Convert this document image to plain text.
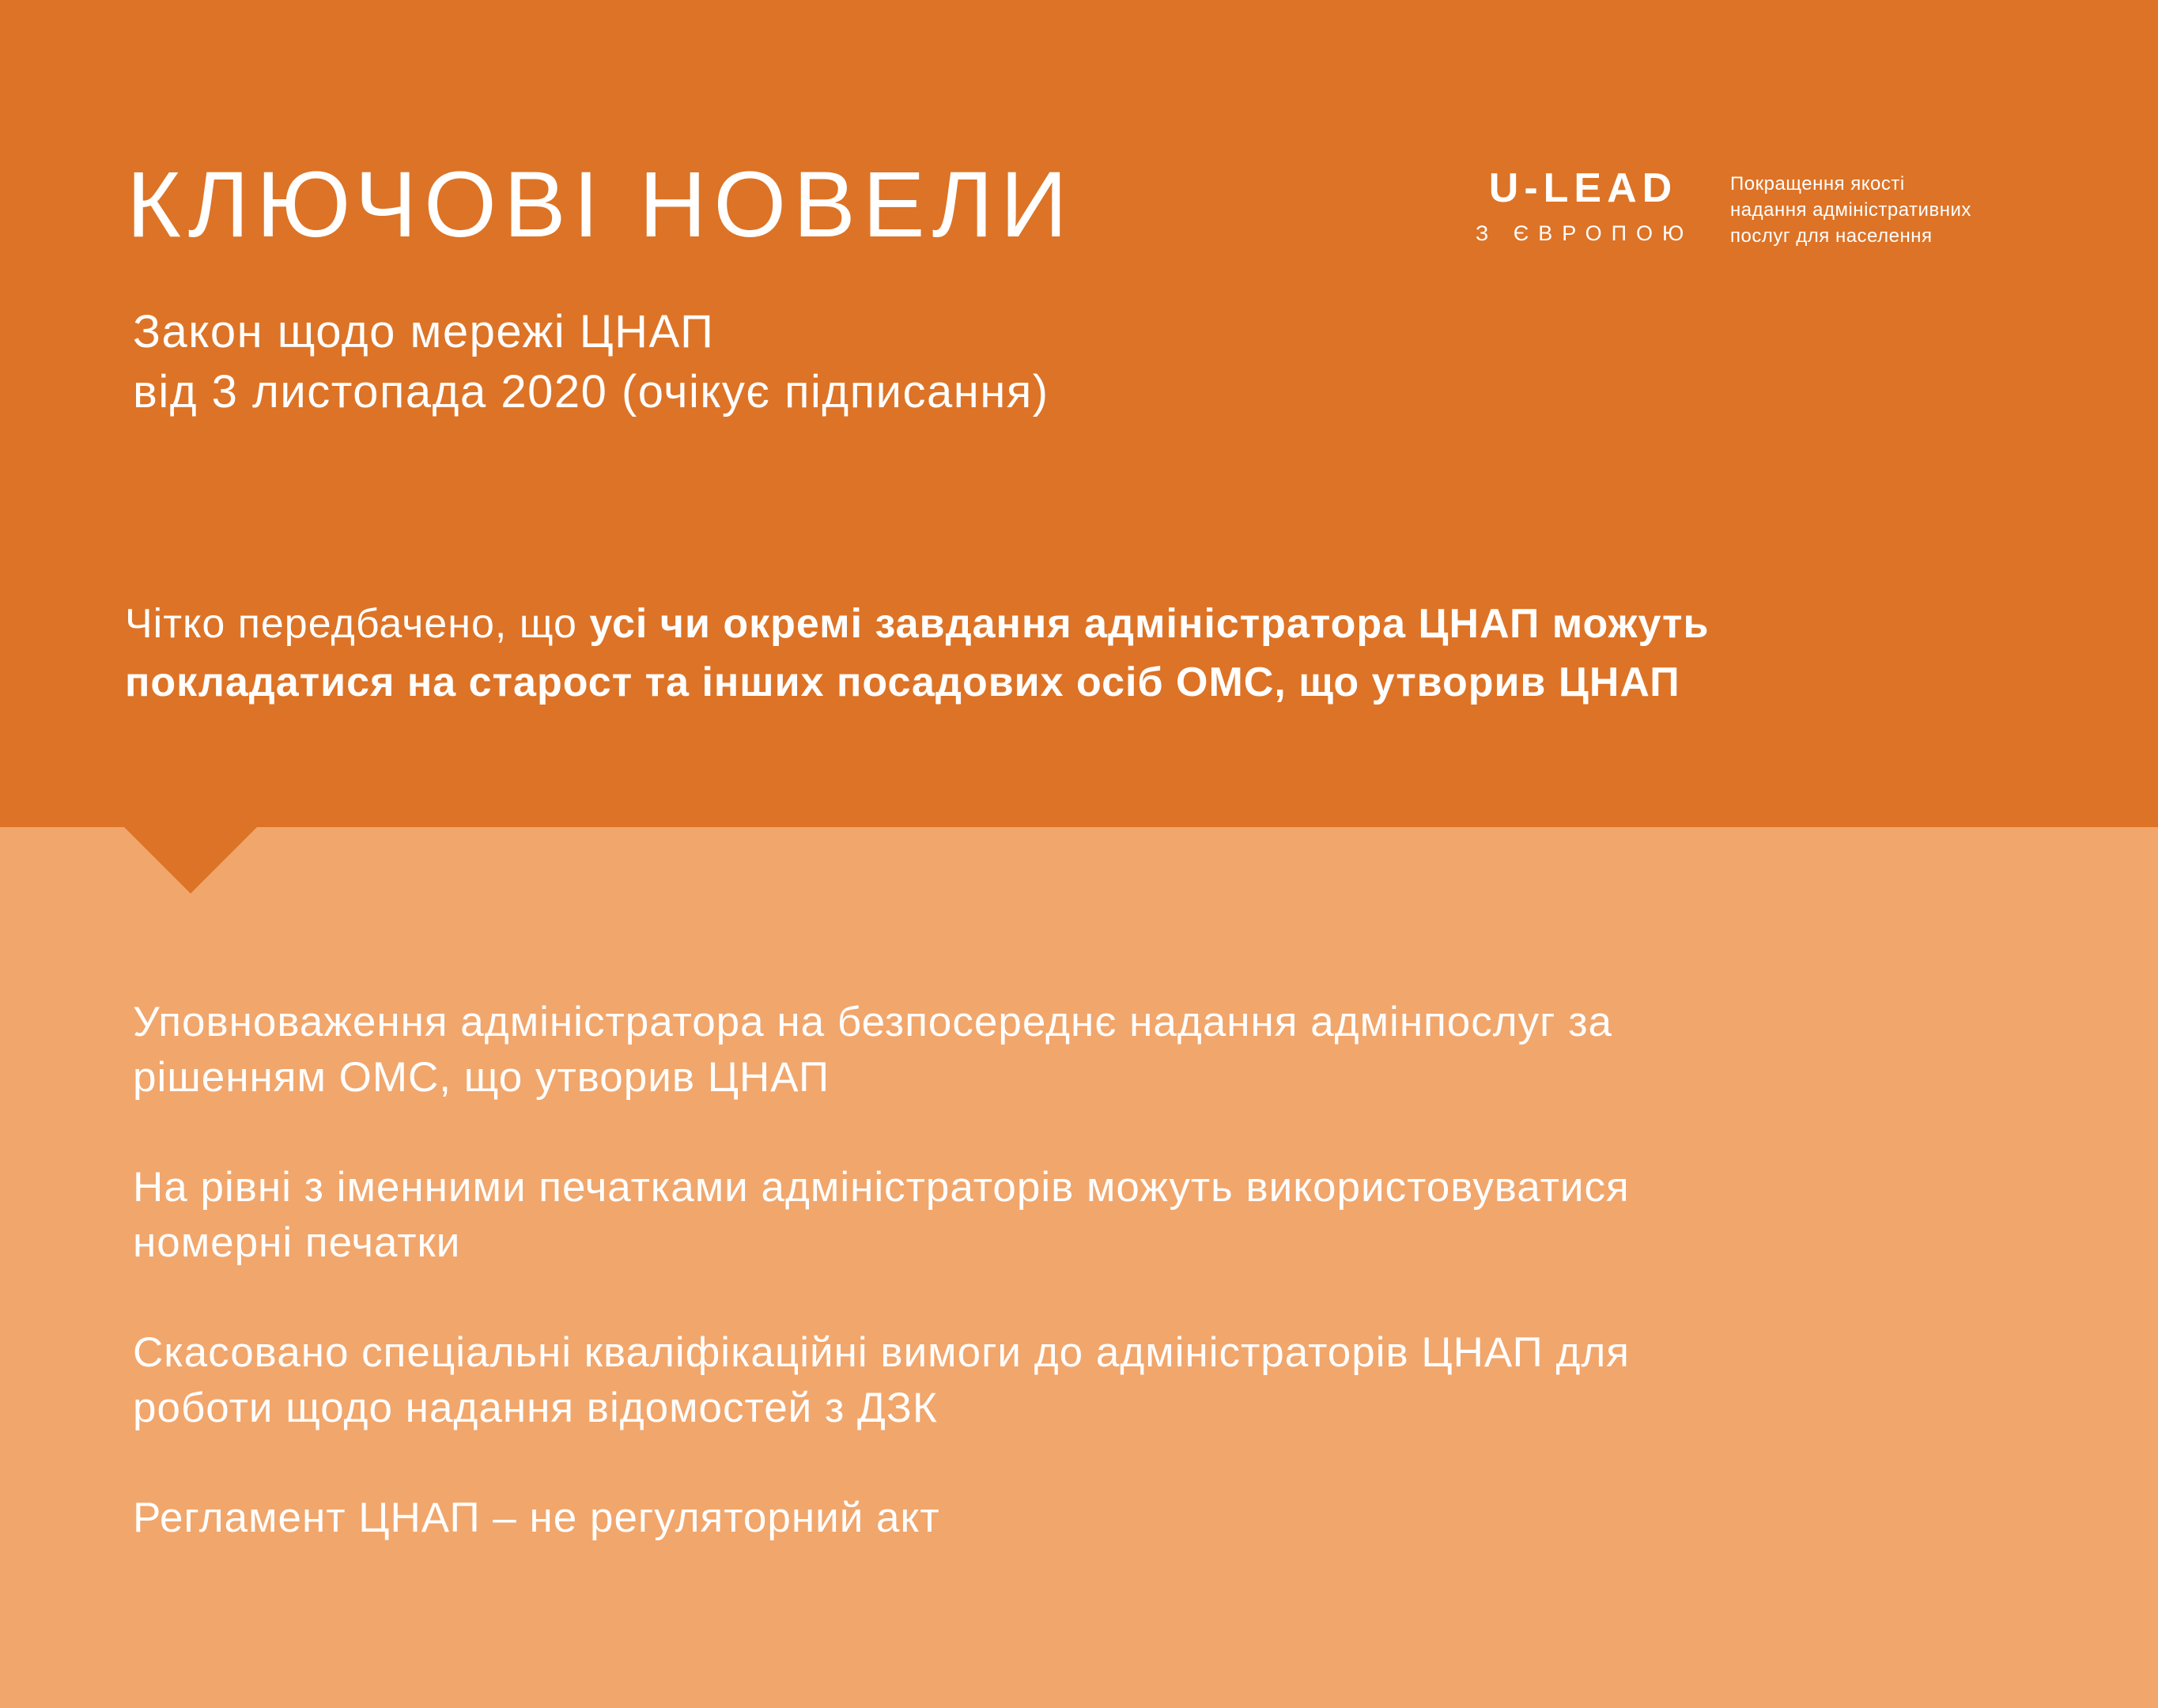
КЛЮЧОВІ НОВЕЛИ
Закон щодо мережі ЦНАП
від 3 листопада 2020 (очікує підписання)
U-LEAD
З ЄВРОПОЮ
Покращення якості
надання адміністративних
послуг для населення
Чітко передбачено, що усі чи окремі завдання адміністратора ЦНАП можуть
покладатися на старост та інших посадових осіб ОМС, що утворив ЦНАП
Уповноваження адміністратора на безпосереднє надання адмінпослуг за
рішенням ОМС, що утворив ЦНАП
На рівні з іменними печатками адміністраторів можуть використовуватися
номерні печатки
Скасовано спеціальні кваліфікаційні вимоги до адміністраторів ЦНАП для
роботи щодо надання відомостей з ДЗК
Регламент ЦНАП – не регуляторний акт
